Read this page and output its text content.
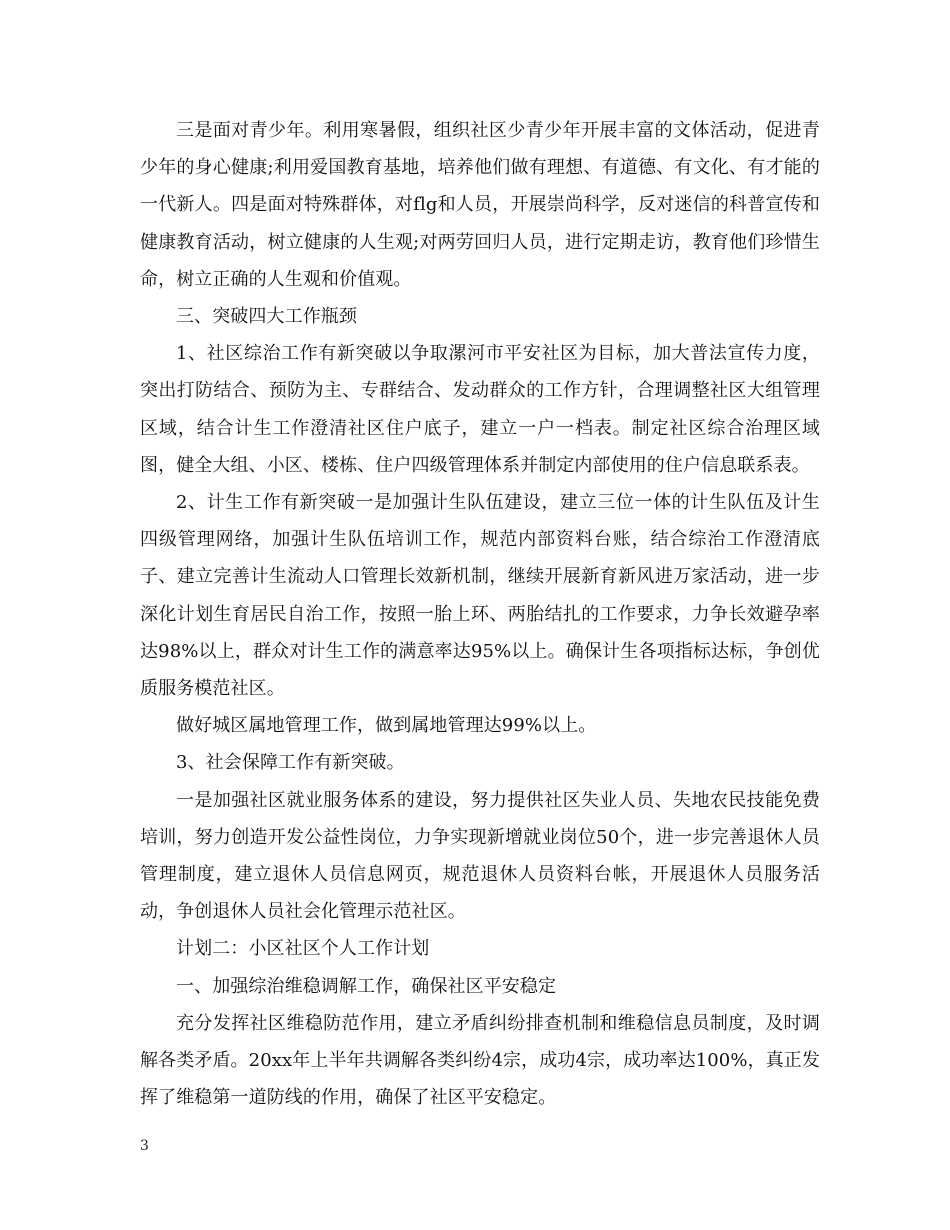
三是面对青少年。利用寒暑假，组织社区少青少年开展丰富的文体活动，促进青少年的身心健康;利用爱国教育基地，培养他们做有理想、有道德、有文化、有才能的一代新人。四是面对特殊群体，对flg和人员，开展崇尚科学，反对迷信的科普宣传和健康教育活动，树立健康的人生观;对两劳回归人员，进行定期走访，教育他们珍惜生命，树立正确的人生观和价值观。

三、突破四大工作瓶颈

1、社区综治工作有新突破以争取漯河市平安社区为目标，加大普法宣传力度，突出打防结合、预防为主、专群结合、发动群众的工作方针，合理调整社区大组管理区域，结合计生工作澄清社区住户底子，建立一户一档表。制定社区综合治理区域图，健全大组、小区、楼栋、住户四级管理体系并制定内部使用的住户信息联系表。

2、计生工作有新突破一是加强计生队伍建设，建立三位一体的计生队伍及计生四级管理网络，加强计生队伍培训工作，规范内部资料台账，结合综治工作澄清底子、建立完善计生流动人口管理长效新机制，继续开展新育新风进万家活动，进一步深化计划生育居民自治工作，按照一胎上环、两胎结扎的工作要求，力争长效避孕率达98%以上，群众对计生工作的满意率达95%以上。确保计生各项指标达标，争创优质服务模范社区。

做好城区属地管理工作，做到属地管理达99%以上。

3、社会保障工作有新突破。

一是加强社区就业服务体系的建设，努力提供社区失业人员、失地农民技能免费培训，努力创造开发公益性岗位，力争实现新增就业岗位50个，进一步完善退休人员管理制度，建立退休人员信息网页，规范退休人员资料台帐，开展退休人员服务活动，争创退休人员社会化管理示范社区。

计划二：小区社区个人工作计划

一、加强综治维稳调解工作，确保社区平安稳定

充分发挥社区维稳防范作用，建立矛盾纠纷排查机制和维稳信息员制度，及时调解各类矛盾。20xx年上半年共调解各类纠纷4宗，成功4宗，成功率达100%，真正发挥了维稳第一道防线的作用，确保了社区平安稳定。

3
